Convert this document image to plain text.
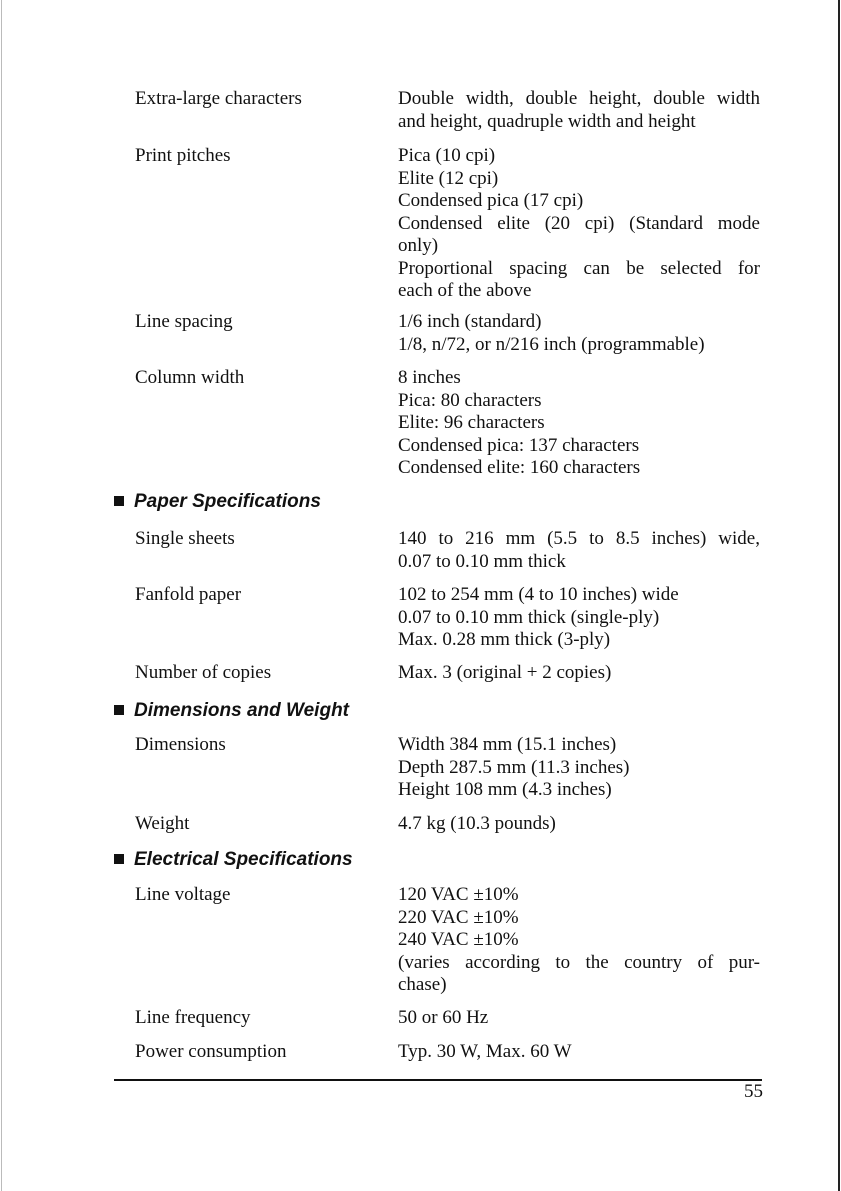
Extra-large characters	Double width, double height, double width
and height, quadruple width and height
Print pitches	Pica (10 cpi)
Elite (12 cpi)
Condensed pica (17 cpi)
Condensed elite (20 cpi) (Standard mode
only)
Proportional spacing can be selected for
each of the above
Line spacing	1/6 inch (standard)
1/8, n/72, or n/216 inch (programmable)
Column width	8 inches
Pica: 80 characters
Elite: 96 characters
Condensed pica: 137 characters
Condensed elite: 160 characters
Paper Specifications
Single sheets	140 to 216 mm (5.5 to 8.5 inches) wide,
0.07 to 0.10 mm thick
Fanfold paper	102 to 254 mm (4 to 10 inches) wide
0.07 to 0.10 mm thick (single-ply)
Max. 0.28 mm thick (3-ply)
Number of copies	Max. 3 (original + 2 copies)
Dimensions and Weight
Dimensions	Width 384 mm (15.1 inches)
Depth 287.5 mm (11.3 inches)
Height 108 mm (4.3 inches)
Weight	4.7 kg (10.3 pounds)
Electrical Specifications
Line voltage	120 VAC ±10%
220 VAC ±10%
240 VAC ±10%
(varies according to the country of pur-
chase)
Line frequency	50 or 60 Hz
Power consumption	Typ. 30 W, Max. 60 W
55
